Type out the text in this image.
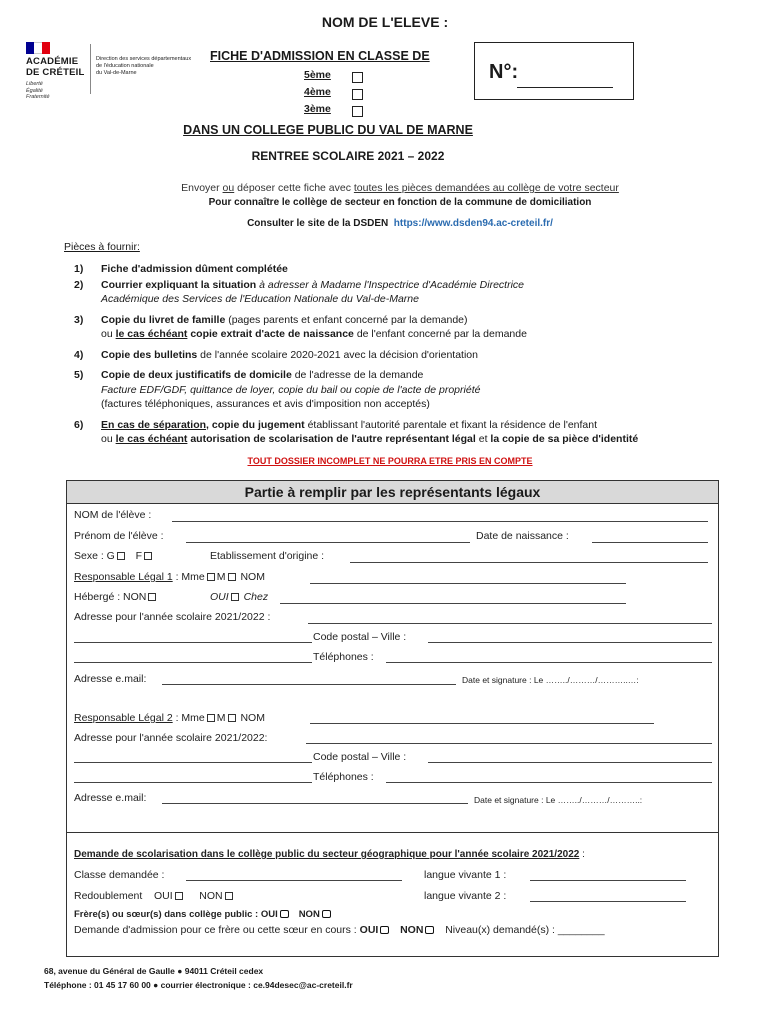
NOM DE L'ELEVE :
ACADÉMIE
DE CRÉTEIL
Liberté
Égalité
Fraternité
Direction des services départementaux
de l'éducation nationale
du Val-de-Marne
FICHE D'ADMISSION EN CLASSE DE
5ème
4ème
3ème
N°:
DANS UN COLLEGE PUBLIC DU VAL DE MARNE
RENTREE SCOLAIRE 2021 – 2022
Envoyer ou déposer cette fiche avec toutes les pièces demandées au collège de votre secteur
Pour connaître le collège de secteur en fonction de la commune de domiciliation
Consulter le site de la DSDEN https://www.dsden94.ac-creteil.fr/
Pièces à fournir:
1)	Fiche d'admission dûment complétée
2)	Courrier expliquant la situation à adresser à Madame l'Inspectrice d'Académie Directrice
Académique des Services de l'Education Nationale du Val-de-Marne
3)	Copie du livret de famille (pages parents et enfant concerné par la demande)
ou le cas échéant copie extrait d'acte de naissance de l'enfant concerné par la demande
4)	Copie des bulletins de l'année scolaire 2020-2021 avec la décision d'orientation
5)	Copie de deux justificatifs de domicile de l'adresse de la demande
Facture EDF/GDF, quittance de loyer, copie du bail ou copie de l'acte de propriété
(factures téléphoniques, assurances et avis d'imposition non acceptés)
6)	En cas de séparation, copie du jugement établissant l'autorité parentale et fixant la résidence de l'enfant
ou le cas échéant autorisation de scolarisation de l'autre représentant légal et la copie de sa pièce d'identité
TOUT DOSSIER INCOMPLET NE POURRA ETRE PRIS EN COMPTE
Partie à remplir par les représentants légaux
NOM de l'élève :
Prénom de l'élève :	Date de naissance :
Sexe : G F	Etablissement d'origine :
Responsable Légal 1 : Mme M NOM
Hébergé : NON	OUI Chez
Adresse pour l'année scolaire 2021/2022 :
Code postal – Ville :
Téléphones :
Adresse e.mail:	Date et signature : Le ……../………/………..…:
Responsable Légal 2 : Mme M NOM
Adresse pour l'année scolaire 2021/2022:
Code postal – Ville :
Téléphones :
Adresse e.mail:	Date et signature : Le ……../………/………..:
Demande de scolarisation dans le collège public du secteur géographique pour l'année scolaire 2021/2022 :
Classe demandée :	langue vivante 1 :
Redoublement OUI	NON	langue vivante 2 :
Frère(s) ou sœur(s) dans collège public : OUI NON
Demande d'admission pour ce frère ou cette sœur en cours : OUI NON Niveau(x) demandé(s) : ________
68, avenue du Général de Gaulle ● 94011 Créteil cedex
Téléphone : 01 45 17 60 00 ● courrier électronique : ce.94desec@ac-creteil.fr
